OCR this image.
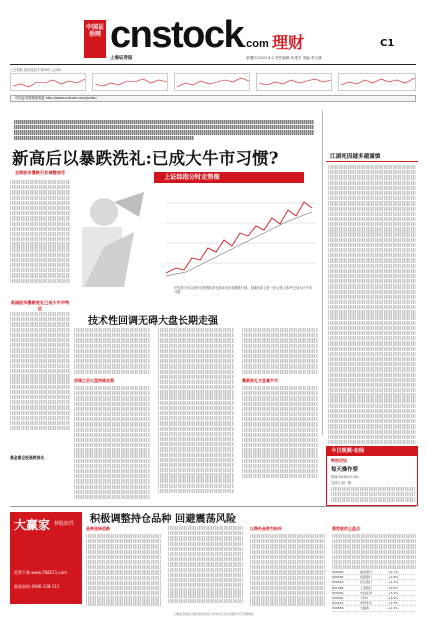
中国证券网 cnstock.com 理财	C1
上海证券报	星期四 2007.8.2 责任编辑:朱建平 美编:李文斌
上证指数 深证成指 沪深300 上证50
中国证券网理财频道 http://www.cnstock.com/gulian
新高后以暴跌洗礼:已成大牛市习惯?
全球股市暴跌引发调整信号
美国股市暴跌洗礼已成大牛市特征
基金重仓股涨跌排名
上证综指分时走势图
沪综指今年以来的走势图经常在新高后出现暴跌行情。但随后却又是一轮上涨,这似乎已成为大牛市习惯。
技术性回调无碍大盘长期走强
回调之后大盘持续走强	暴跌洗礼方显真牛市
江湖死因越多越谨慎
今日视频·在线
特别访谈
每天操作要
时间:10:00-11:30
主持人:刘一鸣
积极调整持仓品种 回避震荡风险
品种选择思路	以海外品种为标杆	强势股的止盈点
600000	浦发银行	+2.1%
600036	招商银行	+1.8%
600016	民生银行	+1.2%
601398	工商银行	+0.9%
600030	中信证券	+3.2%
000002	万科A	+2.6%
600519	贵州茅台	+1.5%
000858	五粮液	+1.1%
大赢家 炒股软件
免费下载 www.768111.com
服务热线 4006-128-111
上海证券报社出版·版权所有 本刊所有文章未经许可不得转载
